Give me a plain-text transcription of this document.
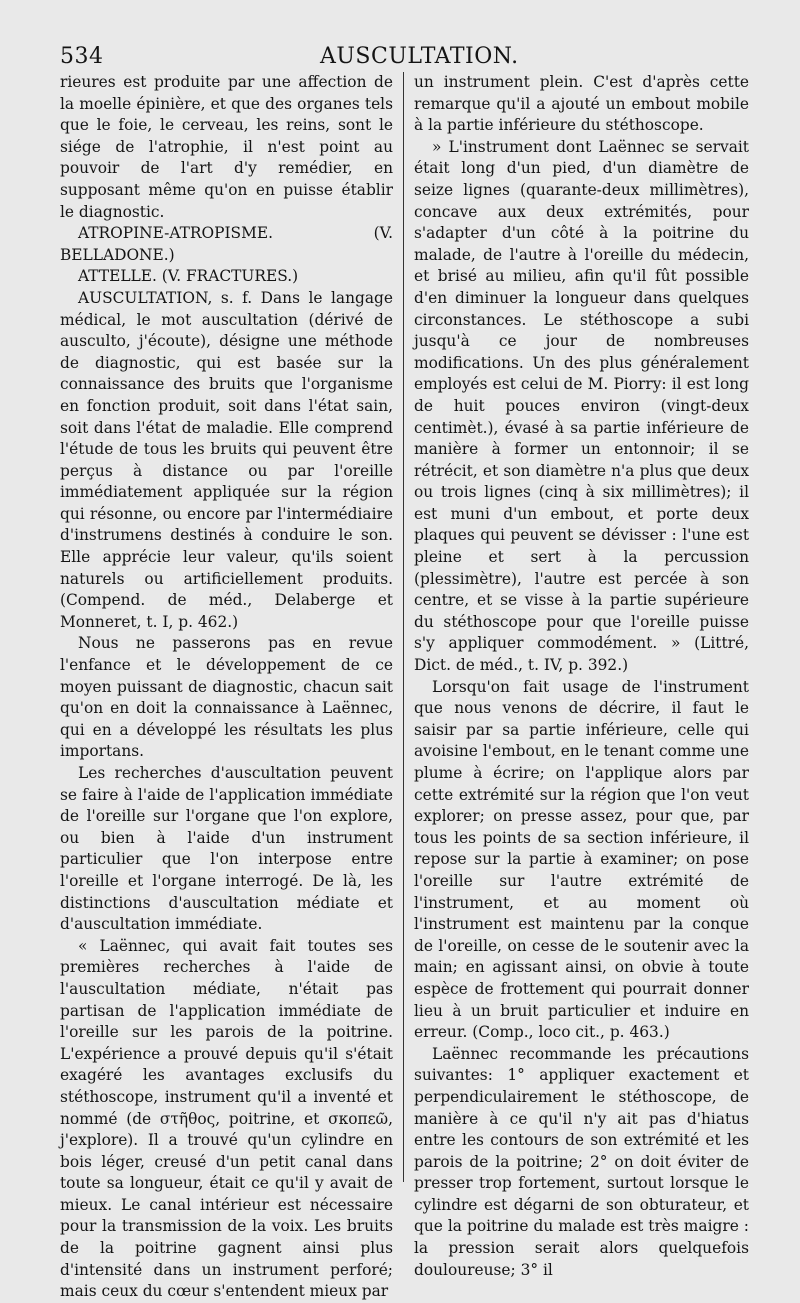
534	AUSCULTATION.

rieures est produite par une affection de la moelle épinière, et que des organes tels que le foie, le cerveau, les reins, sont le siége de l'atrophie, il n'est point au pouvoir de l'art d'y remédier, en supposant même qu'on en puisse établir le diagnostic.

ATROPINE-ATROPISME. (V. BELLADONE.)

ATTELLE. (V. FRACTURES.)

AUSCULTATION, s. f. Dans le langage médical, le mot auscultation (dérivé de ausculto, j'écoute), désigne une méthode de diagnostic, qui est basée sur la connaissance des bruits que l'organisme en fonction produit, soit dans l'état sain, soit dans l'état de maladie. Elle comprend l'étude de tous les bruits qui peuvent être perçus à distance ou par l'oreille immédiatement appliquée sur la région qui résonne, ou encore par l'intermédiaire d'instrumens destinés à conduire le son. Elle apprécie leur valeur, qu'ils soient naturels ou artificiellement produits. (Compend. de méd., Delaberge et Monneret, t. I, p. 462.)

Nous ne passerons pas en revue l'enfance et le développement de ce moyen puissant de diagnostic, chacun sait qu'on en doit la connaissance à Laënnec, qui en a développé les résultats les plus importans.

Les recherches d'auscultation peuvent se faire à l'aide de l'application immédiate de l'oreille sur l'organe que l'on explore, ou bien à l'aide d'un instrument particulier que l'on interpose entre l'oreille et l'organe interrogé. De là, les distinctions d'auscultation médiate et d'auscultation immédiate.

« Laënnec, qui avait fait toutes ses premières recherches à l'aide de l'auscultation médiate, n'était pas partisan de l'application immédiate de l'oreille sur les parois de la poitrine. L'expérience a prouvé depuis qu'il s'était exagéré les avantages exclusifs du stéthoscope, instrument qu'il a inventé et nommé (de στῆθος, poitrine, et σκοπεῶ, j'explore). Il a trouvé qu'un cylindre en bois léger, creusé d'un petit canal dans toute sa longueur, était ce qu'il y avait de mieux. Le canal intérieur est nécessaire pour la transmission de la voix. Les bruits de la poitrine gagnent ainsi plus d'intensité dans un instrument perforé; mais ceux du cœur s'entendent mieux par

un instrument plein. C'est d'après cette remarque qu'il a ajouté un embout mobile à la partie inférieure du stéthoscope.

» L'instrument dont Laënnec se servait était long d'un pied, d'un diamètre de seize lignes (quarante-deux millimètres), concave aux deux extrémités, pour s'adapter d'un côté à la poitrine du malade, de l'autre à l'oreille du médecin, et brisé au milieu, afin qu'il fût possible d'en diminuer la longueur dans quelques circonstances. Le stéthoscope a subi jusqu'à ce jour de nombreuses modifications. Un des plus généralement employés est celui de M. Piorry: il est long de huit pouces environ (vingt-deux centimèt.), évasé à sa partie inférieure de manière à former un entonnoir; il se rétrécit, et son diamètre n'a plus que deux ou trois lignes (cinq à six millimètres); il est muni d'un embout, et porte deux plaques qui peuvent se dévisser : l'une est pleine et sert à la percussion (plessimètre), l'autre est percée à son centre, et se visse à la partie supérieure du stéthoscope pour que l'oreille puisse s'y appliquer commodément. » (Littré, Dict. de méd., t. IV, p. 392.)

Lorsqu'on fait usage de l'instrument que nous venons de décrire, il faut le saisir par sa partie inférieure, celle qui avoisine l'embout, en le tenant comme une plume à écrire; on l'applique alors par cette extrémité sur la région que l'on veut explorer; on presse assez, pour que, par tous les points de sa section inférieure, il repose sur la partie à examiner; on pose l'oreille sur l'autre extrémité de l'instrument, et au moment où l'instrument est maintenu par la conque de l'oreille, on cesse de le soutenir avec la main; en agissant ainsi, on obvie à toute espèce de frottement qui pourrait donner lieu à un bruit particulier et induire en erreur. (Comp., loco cit., p. 463.)

Laënnec recommande les précautions suivantes: 1° appliquer exactement et perpendiculairement le stéthoscope, de manière à ce qu'il n'y ait pas d'hiatus entre les contours de son extrémité et les parois de la poitrine; 2° on doit éviter de presser trop fortement, surtout lorsque le cylindre est dégarni de son obturateur, et que la poitrine du malade est très maigre : la pression serait alors quelquefois douloureuse; 3° il
